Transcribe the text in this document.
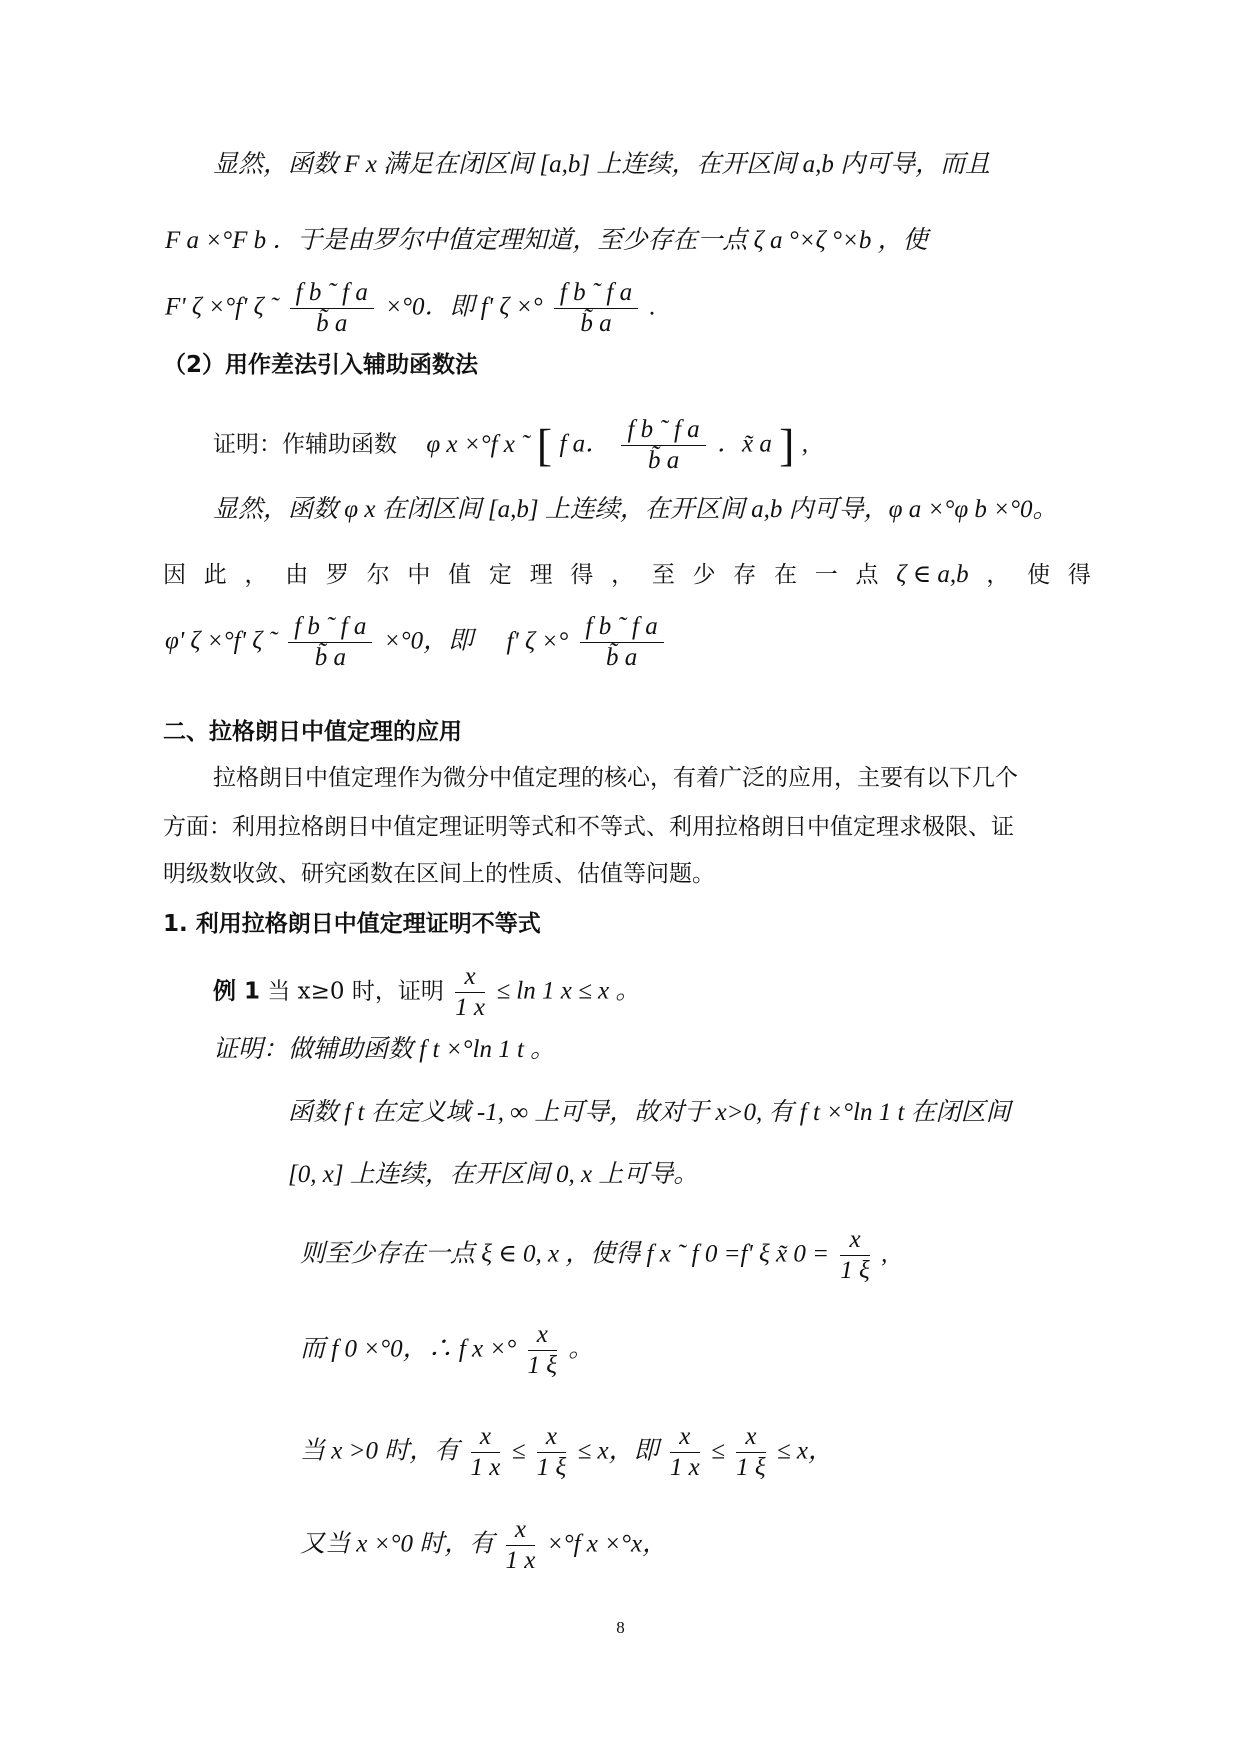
显然，函数 F x 满足在闭区间 [a,b] 上连续，在开区间 a,b 内可导，而且
F a ×°F b ．于是由罗尔中值定理知道，至少存在一点 ζ a °×ζ °×b ，使
F' ζ ×°f' ζ ˜ $\frac{\text{f b ˜ f a}}{b̃ a} \times^\circ 0$．即 f' ζ ×° $\frac{\text{f b ˜ f a}}{b̃ a}$ .
（2）用作差法引入辅助函数法
证明：作辅助函数 φ x ×°f x ˜ [ f a． $\frac{\text{f b ˜ f a}}{b̃ a}$ ．x̃ a ] ,
显然，函数 φ x 在闭区间 [a,b] 上连续，在开区间 a,b 内可导，φ a ×°φ b ×°0。
因 此 ， 由 罗 尔 中 值 定 理 得 ， 至 少 存 在 一 点 ζ ∈ a,b ， 使 得
φ' ζ ×°f' ζ ˜ $\frac{\text{f b ˜ f a}}{b̃ a} \times^\circ 0$，即 f' ζ ×° $\frac{\text{f b ˜ f a}}{b̃ a}$
二、拉格朗日中值定理的应用
拉格朗日中值定理作为微分中值定理的核心，有着广泛的应用，主要有以下几个
方面：利用拉格朗日中值定理证明等式和不等式、利用拉格朗日中值定理求极限、证
明级数收敛、研究函数在区间上的性质、估值等问题。
1. 利用拉格朗日中值定理证明不等式
例 1 当 x≥0 时，证明 $\frac{x}{1 x} \le \ln 1$ x ≤ x 。
证明：做辅助函数 f t ×°ln 1 t 。
函数 f t 在定义域 -1, ∞ 上可导，故对于 x>0, 有 f t ×°ln 1 t 在闭区间
[0, x] 上连续，在开区间 0, x 上可导。
则至少存在一点 ξ ∈ 0, x ，使得 f x ˜ f 0 =f' ξ x̃ $0 = \frac{x}{1 \xi}$ ,
而 f 0 ×°0，∴ f x ×° $\frac{x}{1 \xi}$ 。
当 x >0 时，有 $\frac{x}{1 x} \le \frac{x}{1 \xi} \le x$，即 $\frac{x}{1 x} \le \frac{x}{1 \xi} \le x$，
又当 x ×°0 时，有 $\frac{x}{1 x} \times^\circ f$ x ×°x，
8
